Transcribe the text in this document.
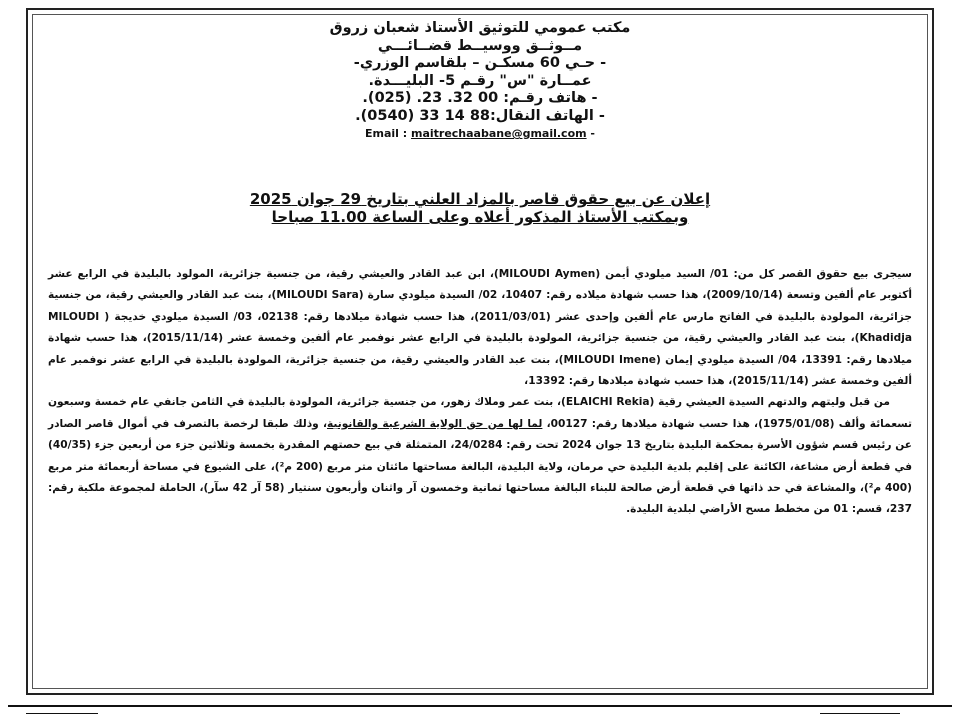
مكتب عمومي للتوثيق الأستاذ شعبان زروق
مــوثــق ووسيــط قضــائـــي
- حـي 60 مسكـن – بلقاسم الوزري-
عمــارة "س" رقـم 5- البليـــدة.
- هاتف رقـم: 00 32. 23. (025).
- الهاتف النقال:88 14 33 (0540).
Email : maitrechaabane@gmail.com -
إعلان عن بيع حقوق قاصر بالمزاد العلني بتاريخ 29 جوان 2025
وبمكتب الأستاذ المذكور أعلاه وعلى الساعة 11.00 صباحا

سيجرى بيع حقوق القصر كل من: 01/ السيد ميلودي أيمن (MILOUDI Aymen)، ابن عبد القادر والعيشي رقية، من جنسية جزائرية، المولود بالبليدة في الرابع عشر أكتوبر عام ألفين وتسعة (2009/10/14)، هذا حسب شهادة ميلاده رقم: 10407، 02/ السيدة ميلودي سارة (MILOUDI Sara)، بنت عبد القادر والعيشي رقية، من جنسية جزائرية، المولودة بالبليدة في الفاتح مارس عام ألفين وإحدى عشر (2011/03/01)، هذا حسب شهادة ميلادها رقم: 02138، 03/ السيدة ميلودي خديجة ( MILOUDI Khadidja)، بنت عبد القادر والعيشي رقية، من جنسية جزائرية، المولودة بالبليدة في الرابع عشر نوفمبر عام ألفين وخمسة عشر (2015/11/14)، هذا حسب شهادة ميلادها رقم: 13391، 04/ السيدة ميلودي إيمان (MILOUDI Imene)، بنت عبد القادر والعيشي رقية، من جنسية جزائرية، المولودة بالبليدة في الرابع عشر نوفمبر عام ألفين وخمسة عشر (2015/11/14)، هذا حسب شهادة ميلادها رقم: 13392،

من قبل وليتهم والدتهم السيدة العيشي رقية (ELAICHI Rekia)، بنت عمر وملاك زهور، من جنسية جزائرية، المولودة بالبليدة في الثامن جانفي عام خمسة وسبعون تسعمائة وألف (1975/01/08)، هذا حسب شهادة ميلادها رقم: 00127، لما لها من حق الولاية الشرعية والقانونية، وذلك طبقا لرخصة بالتصرف في أموال قاصر الصادر عن رئيس قسم شؤون الأسرة بمحكمة البليدة بتاريخ 13 جوان 2024 تحت رقم: 24/0284، المتمثلة في بيع حصتهم المقدرة بخمسة وثلاثين جزء من أربعين جزء (40/35) في قطعة أرض مشاعة، الكائنة على إقليم بلدية البليدة حي مرمان، ولاية البليدة، البالغة مساحتها مائتان متر مربع (200 م²)، على الشيوع في مساحة أربعمائة متر مربع (400 م²)، والمشاعة في حد ذاتها في قطعة أرض صالحة للبناء البالغة مساحتها ثمانية وخمسون آر واثنان وأربعون سنتيار (58 آر 42 سآر)، الحاملة لمجموعة ملكية رقم: 237، قسم: 01 من مخطط مسح الأراضي لبلدية البليدة.
